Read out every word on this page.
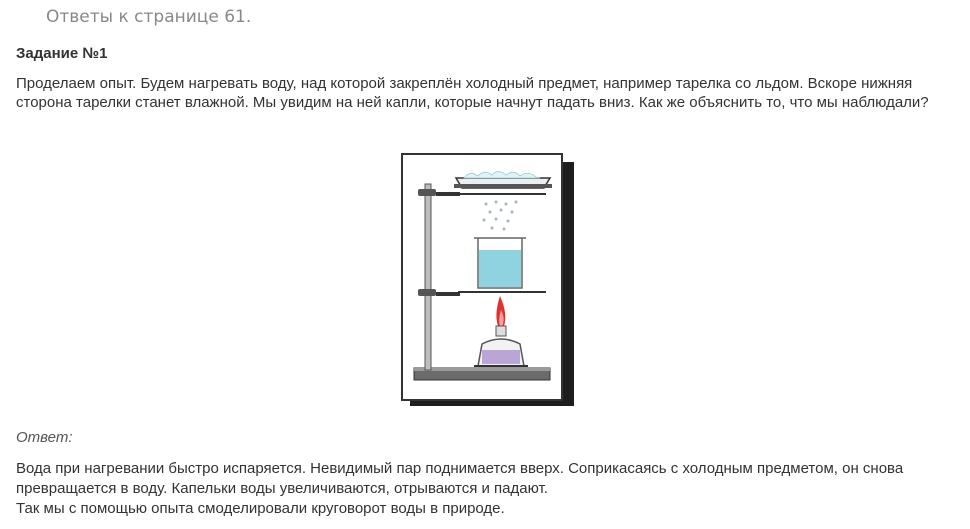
Ответы к странице 61.
Задание №1

Проделаем опыт. Будем нагревать воду, над которой закреплён холодный предмет, например тарелка со льдом. Вскоре нижняя сторона тарелки станет влажной. Мы увидим на ней капли, которые начнут падать вниз. Как же объяснить то, что мы наблюдали?

Ответ:

Вода при нагревании быстро испаряется. Невидимый пар поднимается вверх. Соприкасаясь с холодным предметом, он снова превращается в воду. Капельки воды увеличиваются, отрываются и падают.
Так мы с помощью опыта смоделировали круговорот воды в природе.
